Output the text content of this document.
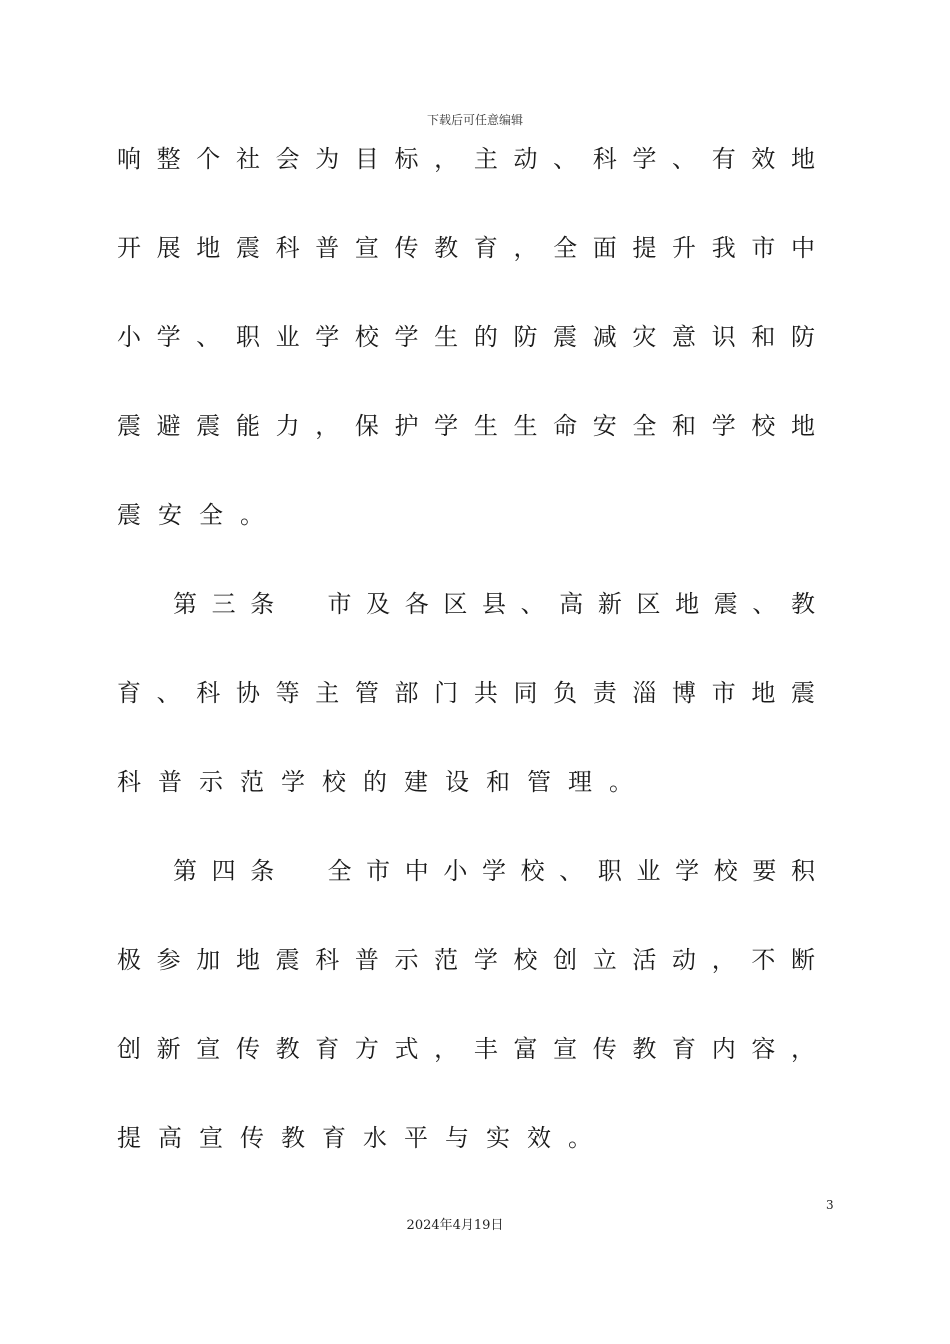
下载后可任意编辑
响整个社会为目标，主动、科学、有效地
开展地震科普宣传教育，全面提升我市中
小学、职业学校学生的防震减灾意识和防
震避震能力，保护学生生命安全和学校地
震安全。
第三条　市及各区县、高新区地震、教
育、科协等主管部门共同负责淄博市地震
科普示范学校的建设和管理。
第四条　全市中小学校、职业学校要积
极参加地震科普示范学校创立活动，不断
创新宣传教育方式，丰富宣传教育内容，
提高宣传教育水平与实效。
3
2024年4月19日
